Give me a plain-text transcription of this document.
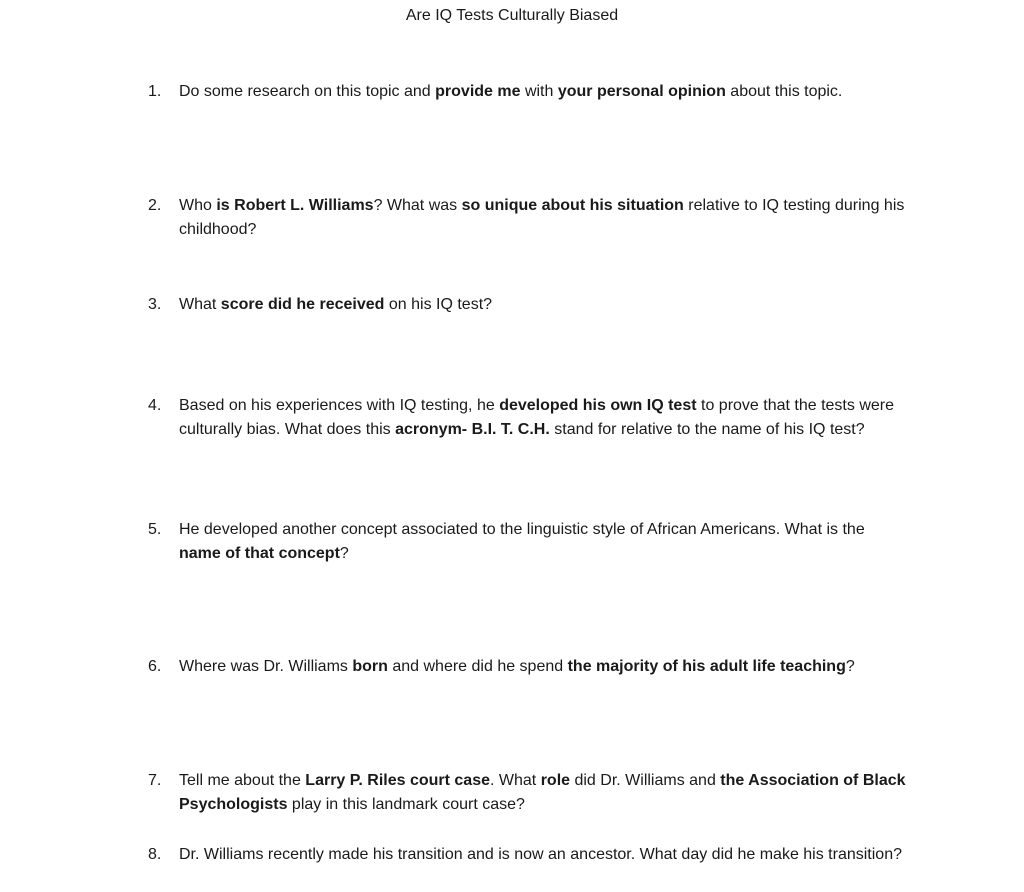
Are IQ Tests Culturally Biased
1.	Do some research on this topic and provide me with your personal opinion about this topic.
2.	Who is Robert L. Williams? What was so unique about his situation relative to IQ testing during his childhood?
3.	What score did he received on his IQ test?
4.	Based on his experiences with IQ testing, he developed his own IQ test to prove that the tests were culturally bias. What does this acronym- B.I. T. C.H. stand for relative to the name of his IQ test?
5.	He developed another concept associated to the linguistic style of African Americans. What is the name of that concept?
6.	Where was Dr. Williams born and where did he spend the majority of his adult life teaching?
7.	Tell me about the Larry P. Riles court case. What role did Dr. Williams and the Association of Black Psychologists play in this landmark court case?
8.	Dr. Williams recently made his transition and is now an ancestor. What day did he make his transition?
